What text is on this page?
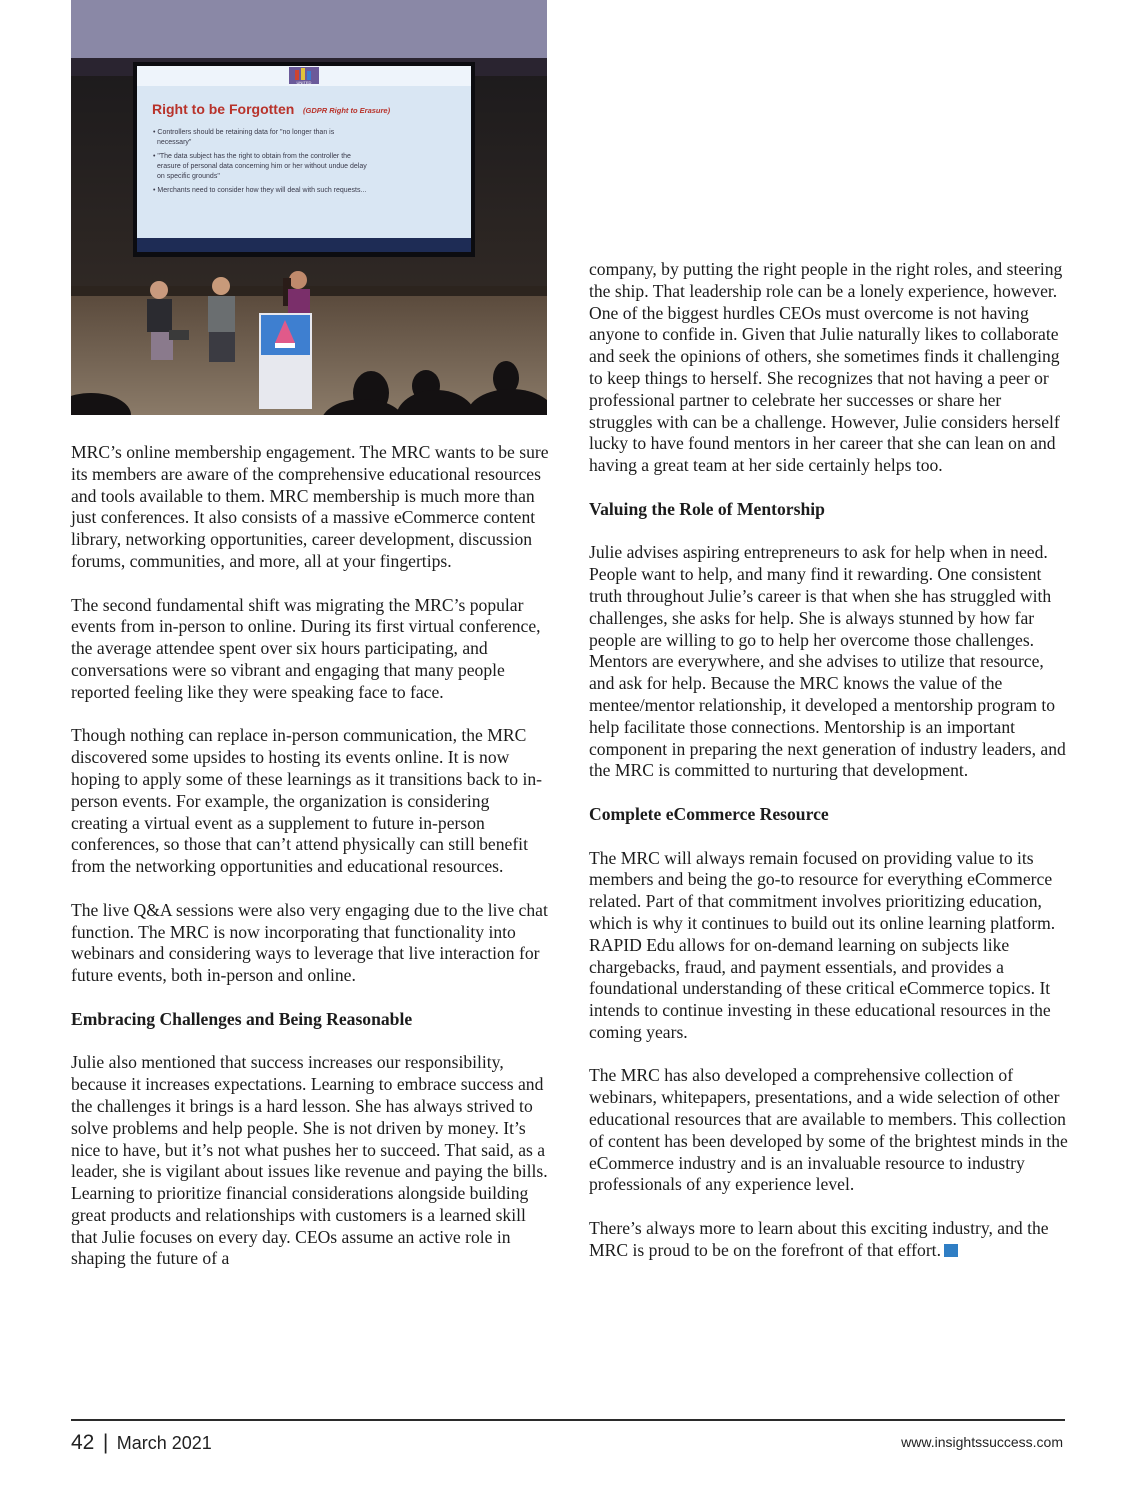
UNITED
Right to be Forgotten (GDPR Right to Erasure)
• Controllers should be retaining data for "no longer than is
necessary"
• "The data subject has the right to obtain from the controller the
erasure of personal data concerning him or her without undue delay
on specific grounds"
• Merchants need to consider how they will deal with such requests...

MRC’s online membership engagement. The MRC wants to be sure its members are aware of the comprehensive educational resources and tools available to them. MRC membership is much more than just conferences. It also consists of a massive eCommerce content library, networking opportunities, career development, discussion forums, communities, and more, all at your fingertips.

The second fundamental shift was migrating the MRC’s popular events from in-person to online. During its first virtual conference, the average attendee spent over six hours participating, and conversations were so vibrant and engaging that many people reported feeling like they were speaking face to face.

Though nothing can replace in-person communication, the MRC discovered some upsides to hosting its events online. It is now hoping to apply some of these learnings as it transitions back to in-person events. For example, the organization is considering creating a virtual event as a supplement to future in-person conferences, so those that can’t attend physically can still benefit from the networking opportunities and educational resources.

The live Q&A sessions were also very engaging due to the live chat function. The MRC is now incorporating that functionality into webinars and considering ways to leverage that live interaction for future events, both in-person and online.

Embracing Challenges and Being Reasonable

Julie also mentioned that success increases our responsibility, because it increases expectations. Learning to embrace success and the challenges it brings is a hard lesson. She has always strived to solve problems and help people. She is not driven by money. It’s nice to have, but it’s not what pushes her to succeed. That said, as a leader, she is vigilant about issues like revenue and paying the bills. Learning to prioritize financial considerations alongside building great products and relationships with customers is a learned skill that Julie focuses on every day. CEOs assume an active role in shaping the future of a

company, by putting the right people in the right roles, and steering the ship. That leadership role can be a lonely experience, however. One of the biggest hurdles CEOs must overcome is not having anyone to confide in. Given that Julie naturally likes to collaborate and seek the opinions of others, she sometimes finds it challenging to keep things to herself. She recognizes that not having a peer or professional partner to celebrate her successes or share her struggles with can be a challenge. However, Julie considers herself lucky to have found mentors in her career that she can lean on and having a great team at her side certainly helps too.

Valuing the Role of Mentorship

Julie advises aspiring entrepreneurs to ask for help when in need. People want to help, and many find it rewarding. One consistent truth throughout Julie’s career is that when she has struggled with challenges, she asks for help. She is always stunned by how far people are willing to go to help her overcome those challenges. Mentors are everywhere, and she advises to utilize that resource, and ask for help. Because the MRC knows the value of the mentee/mentor relationship, it developed a mentorship program to help facilitate those connections. Mentorship is an important component in preparing the next generation of industry leaders, and the MRC is committed to nurturing that development.

Complete eCommerce Resource

The MRC will always remain focused on providing value to its members and being the go-to resource for everything eCommerce related. Part of that commitment involves prioritizing education, which is why it continues to build out its online learning platform. RAPID Edu allows for on-demand learning on subjects like chargebacks, fraud, and payment essentials, and provides a foundational understanding of these critical eCommerce topics. It intends to continue investing in these educational resources in the coming years.

The MRC has also developed a comprehensive collection of webinars, whitepapers, presentations, and a wide selection of other educational resources that are available to members. This collection of content has been developed by some of the brightest minds in the eCommerce industry and is an invaluable resource to industry professionals of any experience level.

There’s always more to learn about this exciting industry, and the MRC is proud to be on the forefront of that effort.

42 | March 2021	www.insightssuccess.com
